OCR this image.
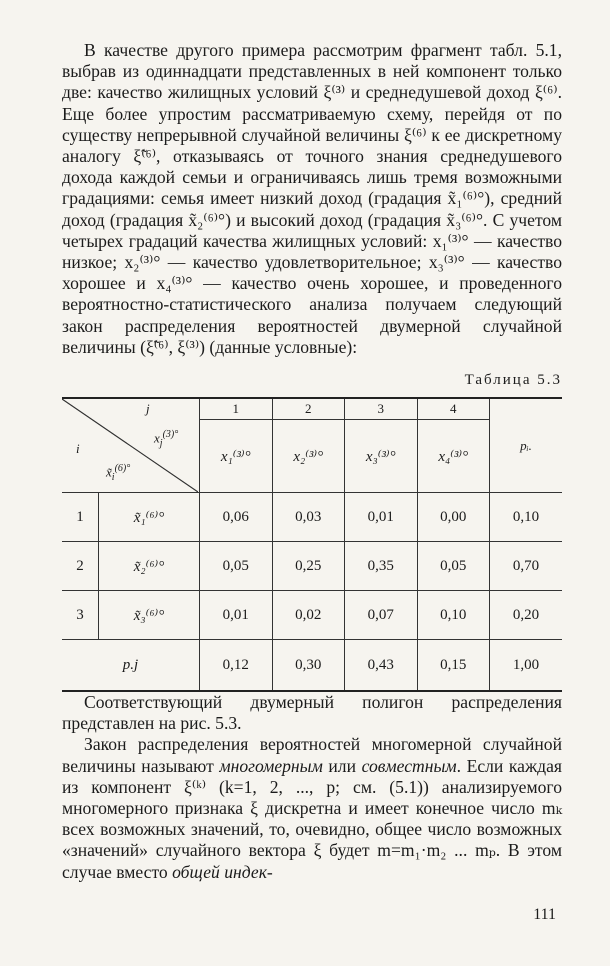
В качестве другого примера рассмотрим фрагмент табл. 5.1, выбрав из одиннадцати представленных в ней компонент только две: качество жилищных условий ξ⁽³⁾ и среднедушевой доход ξ⁽⁶⁾. Еще более упростим рассматриваемую схему, перейдя от по существу непрерывной случайной величины ξ⁽⁶⁾ к ее дискретному аналогу ξ̃⁽⁶⁾, отказываясь от точного знания среднедушевого дохода каждой семьи и ограничиваясь лишь тремя возможными градациями: семья имеет низкий доход (градация x̃₁⁽⁶⁾°), средний доход (градация x̃₂⁽⁶⁾°) и высокий доход (градация x̃₃⁽⁶⁾°. С учетом четырех градаций качества жилищных условий: x₁⁽³⁾° — качество низкое; x₂⁽³⁾° — качество удовлетворительное; x₃⁽³⁾° — качество хорошее и x₄⁽³⁾° — качество очень хорошее, и проведенного вероятностно-статистического анализа получаем следующий закон распределения вероятностей двумерной случайной величины (ξ̃⁽⁶⁾, ξ⁽³⁾) (данные условные):

Таблица 5.3
j
i
$x_j^{(3)^\circ}$
$x̃_i^{(6)^\circ}$		1	2	3	4	pᵢ.
		x₁⁽³⁾°	x₂⁽³⁾°	x₃⁽³⁾°	x₄⁽³⁾°	
1	x̃₁⁽⁶⁾°	0,06	0,03	0,01	0,00	0,10
2	x̃₂⁽⁶⁾°	0,05	0,25	0,35	0,05	0,70
3	x̃₃⁽⁶⁾°	0,01	0,02	0,07	0,10	0,20
p.j		0,12	0,30	0,43	0,15	1,00

Соответствующий двумерный полигон распределения представлен на рис. 5.3.

Закон распределения вероятностей многомерной случайной величины называют многомерным или совместным. Если каждая из компонент ξ⁽ᵏ⁾ (k=1, 2, ..., p; см. (5.1)) анализируемого многомерного признака ξ дискретна и имеет конечное число mₖ всех возможных значений, то, очевидно, общее число возможных «значений» случайного вектора ξ будет m=m₁·m₂ ... mₚ. В этом случае вместо общей индек-

111
